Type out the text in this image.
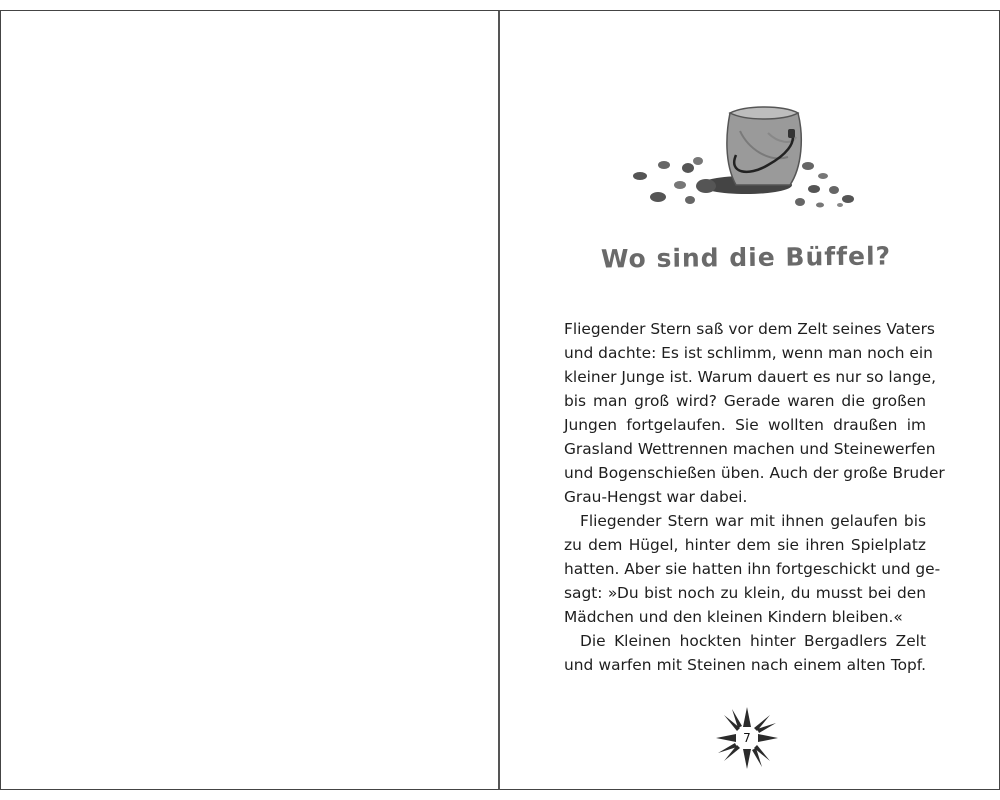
Wo sind die Büffel?

Fliegender Stern saß vor dem Zelt seines Vaters
und dachte: Es ist schlimm, wenn man noch ein
kleiner Junge ist. Warum dauert es nur so lange,
bis man groß wird? Gerade waren die großen
Jungen fortgelaufen. Sie wollten draußen im
Grasland Wettrennen machen und Steinewerfen
und Bogenschießen üben. Auch der große Bruder
Grau-Hengst war dabei.

Fliegender Stern war mit ihnen gelaufen bis
zu dem Hügel, hinter dem sie ihren Spielplatz
hatten. Aber sie hatten ihn fortgeschickt und ge-
sagt: »Du bist noch zu klein, du musst bei den
Mädchen und den kleinen Kindern bleiben.«

Die Kleinen hockten hinter Bergadlers Zelt
und warfen mit Steinen nach einem alten Topf.

7
